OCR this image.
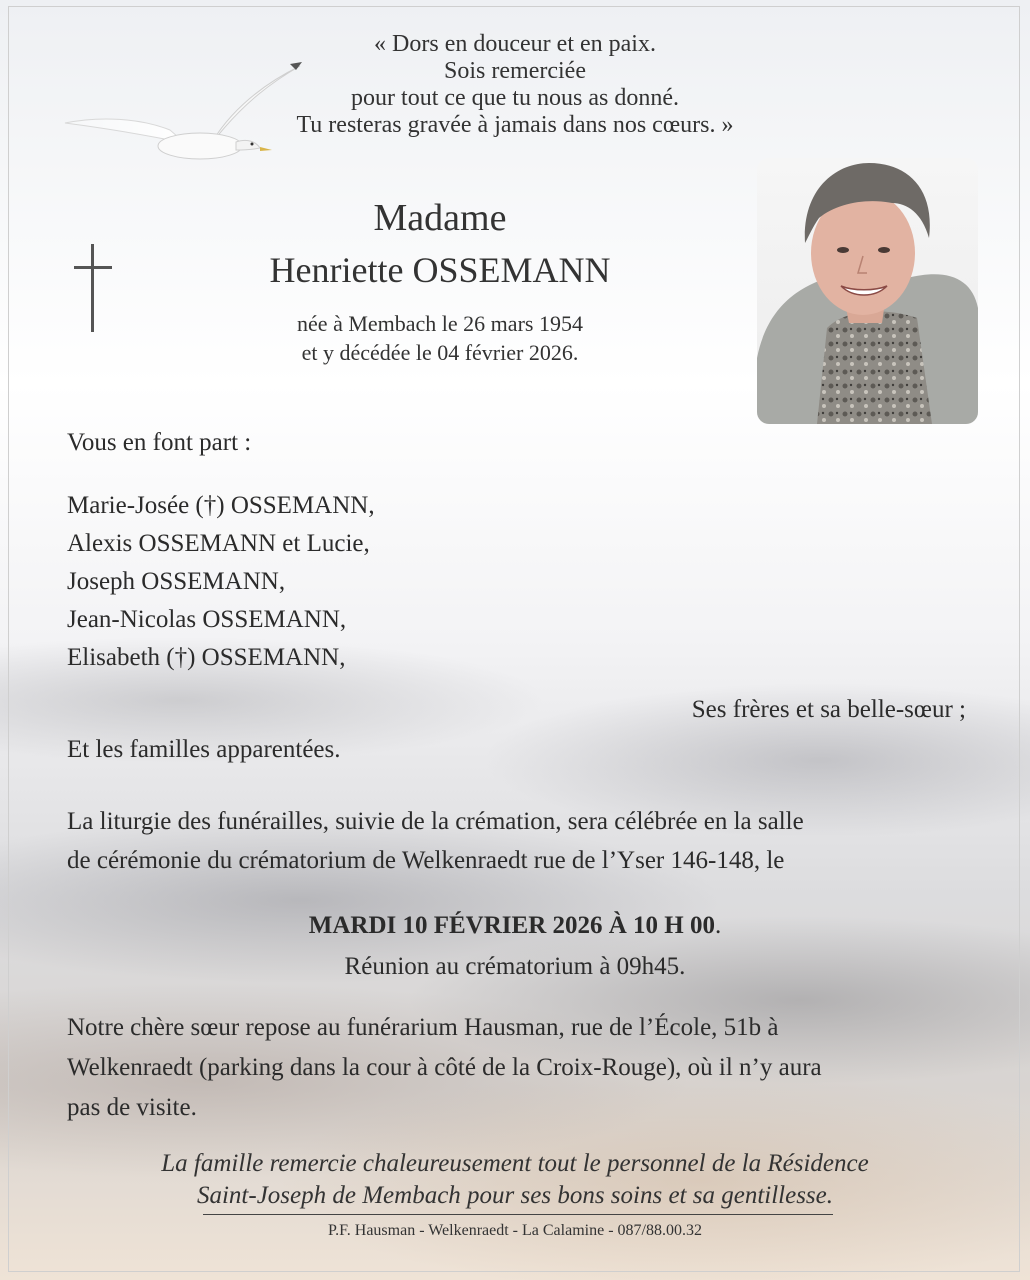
« Dors en douceur et en paix.
Sois remerciée
pour tout ce que tu nous as donné.
Tu resteras gravée à jamais dans nos cœurs. »
Madame
Henriette OSSEMANN
née à Membach le 26 mars 1954
et y décédée le 04 février 2026.
Vous en font part :
Marie-Josée (†) OSSEMANN,
Alexis OSSEMANN et Lucie,
Joseph OSSEMANN,
Jean-Nicolas OSSEMANN,
Elisabeth (†) OSSEMANN,
Ses frères et sa belle-sœur ;
Et les familles apparentées.
La liturgie des funérailles, suivie de la crémation, sera célébrée en la salle
de cérémonie du crématorium de Welkenraedt rue de l’Yser 146-148, le
MARDI 10 FÉVRIER 2026 À 10 H 00.
Réunion au crématorium à 09h45.
Notre chère sœur repose au funérarium Hausman, rue de l’École, 51b à
Welkenraedt (parking dans la cour à côté de la Croix-Rouge), où il n’y aura
pas de visite.
La famille remercie chaleureusement tout le personnel de la Résidence
Saint-Joseph de Membach pour ses bons soins et sa gentillesse.
P.F. Hausman - Welkenraedt - La Calamine - 087/88.00.32
